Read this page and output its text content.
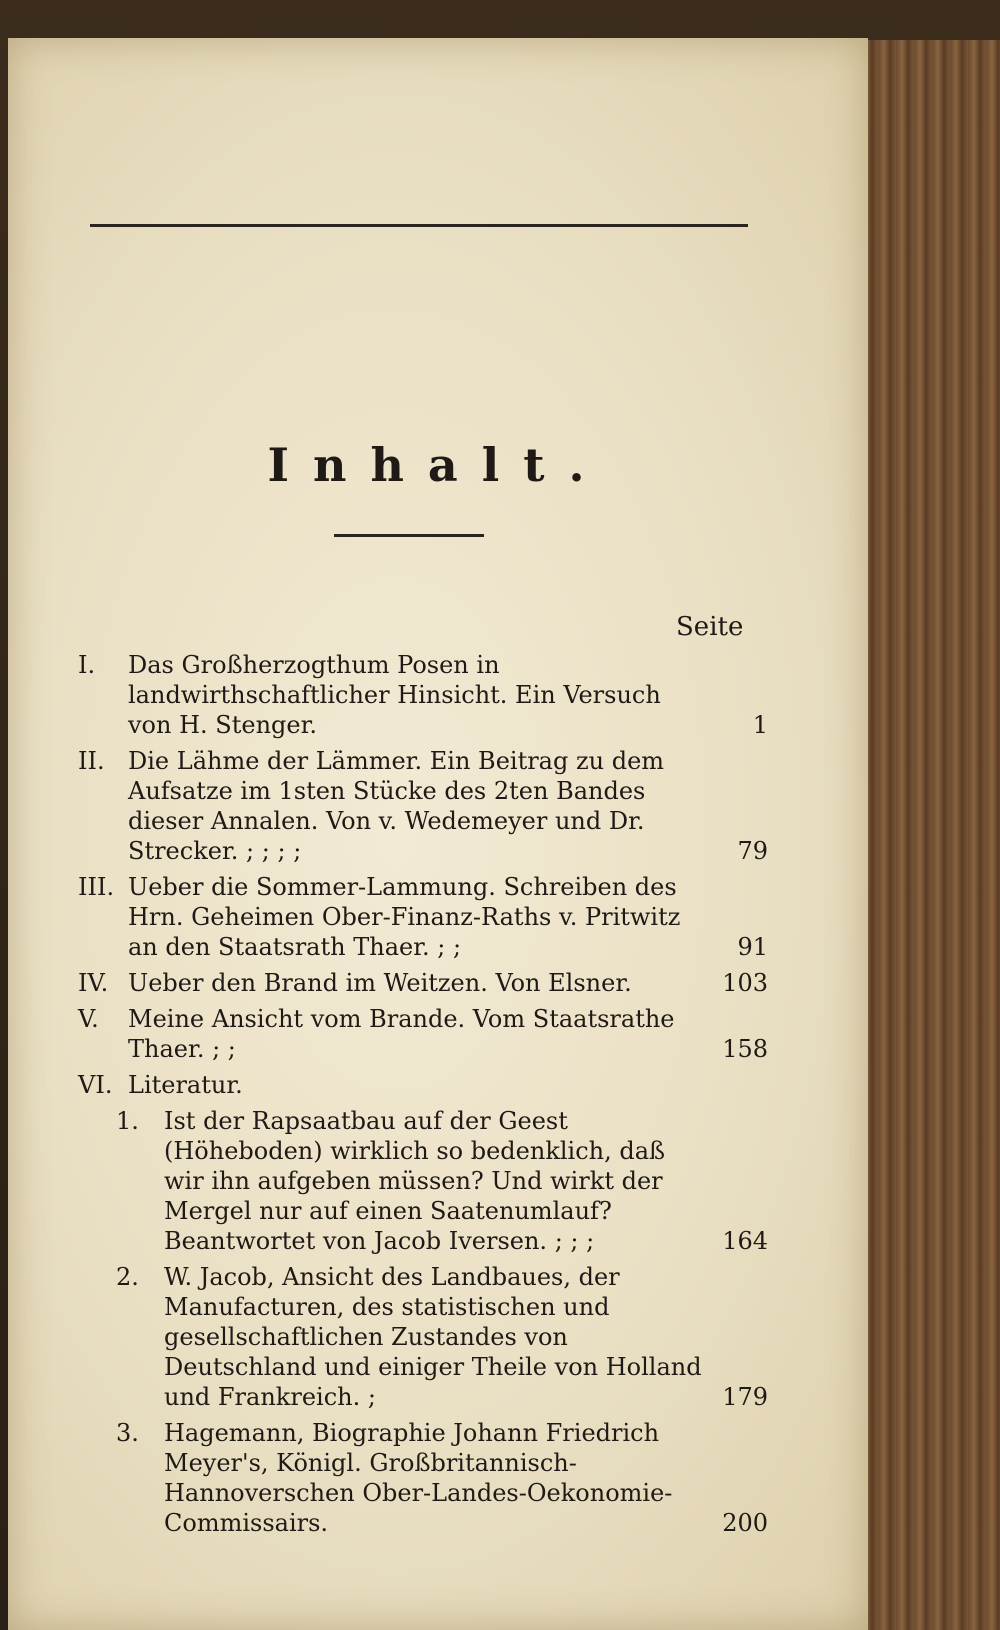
Inhalt.
Seite
I.	Das Großherzogthum Posen in landwirthschaftlicher Hinsicht. Ein Versuch von H. Stenger.	1
II. Die Lähme der Lämmer. Ein Beitrag zu dem Aufsatze im 1sten Stücke des 2ten Bandes dieser Annalen. Von v. Wedemeyer und Dr. Strecker. ; ; ; ;	79
III. Ueber die Sommer-Lammung. Schreiben des Hrn. Geheimen Ober-Finanz-Raths v. Pritwitz an den Staatsrath Thaer. ; ;	91
IV. Ueber den Brand im Weitzen. Von Elsner.	103
V.	Meine Ansicht vom Brande. Vom Staatsrathe Thaer. ; ;	158
VI. Literatur.
1.	Ist der Rapsaatbau auf der Geest (Höheboden) wirklich so bedenklich, daß wir ihn aufgeben müssen? Und wirkt der Mergel nur auf einen Saatenumlauf? Beantwortet von Jacob Iversen. ; ; ;	164
2.	W. Jacob, Ansicht des Landbaues, der Manufacturen, des statistischen und gesellschaftlichen Zustandes von Deutschland und einiger Theile von Holland und Frankreich. ;	179
3.	Hagemann, Biographie Johann Friedrich Meyer's, Königl. Großbritannisch-Hannoverschen Ober-Landes-Oekonomie-Commissairs.	200
